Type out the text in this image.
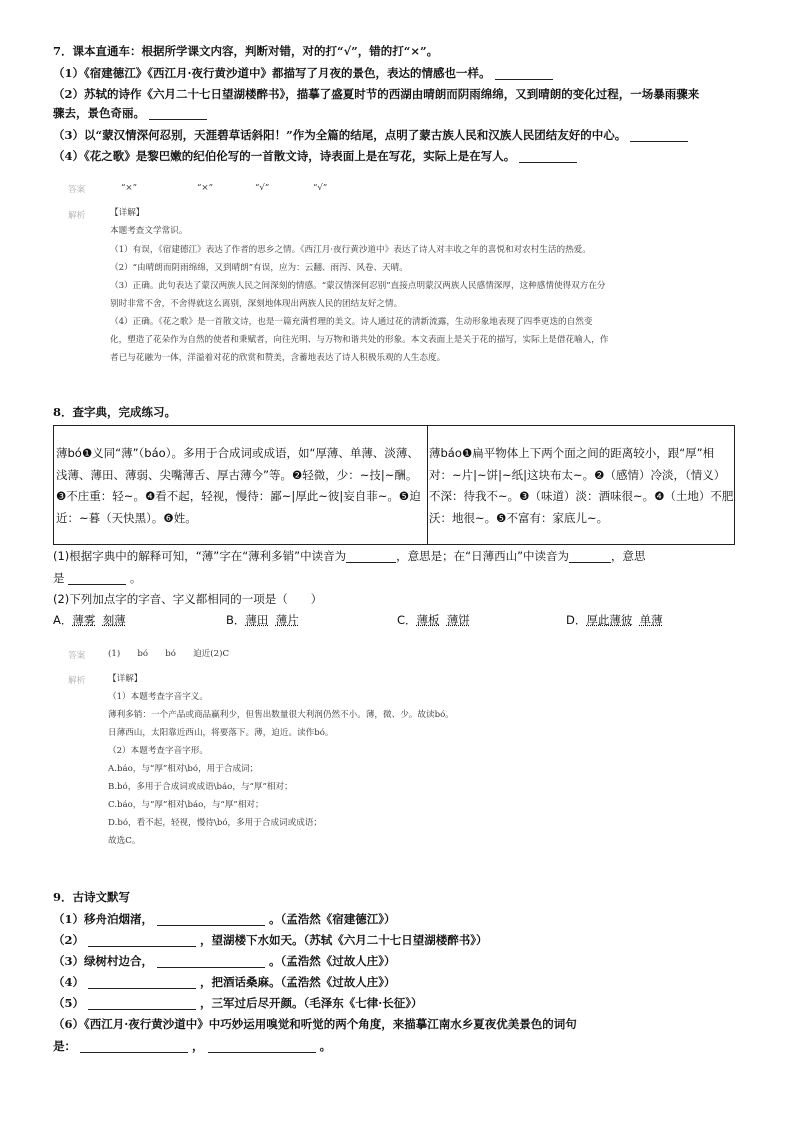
7．课本直通车：根据所学课文内容，判断对错，对的打“√”，错的打“×”。
（1）《宿建德江》《西江月·夜行黄沙道中》都描写了月夜的景色，表达的情感也一样。
（2）苏轼的诗作《六月二十七日望湖楼醉书》，描摹了盛夏时节的西湖由晴朗而阴雨绵绵，又到晴朗的变化过程，一场暴雨骤来
骤去，景色奇丽。
（3）以“蒙汉情深何忍别，天涯碧草话斜阳！”作为全篇的结尾，点明了蒙古族人民和汉族人民团结友好的中心。
（4）《花之歌》是黎巴嫩的纪伯伦写的一首散文诗，诗表面上是在写花，实际上是在写人。
答案	“×”	“×”	“√”	“√”
解析	【详解】
本题考查文学常识。
（1）有误，《宿建德江》表达了作者的思乡之情。《西江月·夜行黄沙道中》表达了诗人对丰收之年的喜悦和对农村生活的热爱。
（2）“由晴朗而阴雨绵绵，又到晴朗”有误，应为：云翻、雨泻、风卷、天晴。
（3）正确。此句表达了蒙汉两族人民之间深刻的情感。“蒙汉情深何忍别”直接点明蒙汉两族人民感情深厚，这种感情使得双方在分
别时非常不舍，不舍得就这么离别，深刻地体现出两族人民的团结友好之情。
（4）正确。《花之歌》是一首散文诗，也是一篇充满哲理的美文。诗人通过花的清新流露，生动形象地表现了四季更迭的自然变
化，塑造了花朵作为自然的使者和秉赋者，向往光明、与万物和谐共处的形象。本文表面上是关于花的描写，实际上是借花喻人，作
者已与花融为一体，洋溢着对花的欣赏和赞美，含蓄地表达了诗人积极乐观的人生态度。
8．查字典，完成练习。
薄bó❶义同“薄”（báo）。多用于合成词或成语，如“厚薄、单薄、淡薄、浅薄、薄田、薄弱、尖嘴薄舌、厚古薄今”等。❷轻微，少：~技|~酬。❸不庄重：轻~。❹看不起，轻视，慢待：鄙~|厚此~彼|妄自菲~。❺迫近：~暮（天快黑）。❻姓。
薄báo❶扁平物体上下两个面之间的距离较小，跟“厚”相对：~片|~饼|~纸|这块布太~。❷（感情）冷淡，（情义）不深：待我不~。❸（味道）淡：酒味很~。❹（土地）不肥沃：地很~。❺不富有：家底儿~。
(1)根据字典中的解释可知，“薄”字在“薄利多销”中读音为	，意思是；在“日薄西山”中读音为	，意思
是	。
(2)下列加点字的字音、字义都相同的一项是（　　）
A．薄雾 刻薄	B．薄田 薄片	C．薄板 薄饼	D．厚此薄彼 单薄
答案	(1)　　bó　　bó　　迫近(2)C
解析	【详解】
（1）本题考查字音字义。
薄利多销：一个产品或商品赢利少，但售出数量很大利润仍然不小。薄，微、少。故读bó。
日薄西山，太阳靠近西山，将要落下。薄，迫近。读作bó。
（2）本题考查字音字形。
A.báo，与“厚”相对\bó，用于合成词；
B.bó，多用于合成词或成语\báo，与“厚”相对；
C.báo，与“厚”相对\báo，与“厚”相对；
D.bó，看不起，轻视，慢待\bó，多用于合成词或成语；
故选C。
9．古诗文默写
（1）移舟泊烟渚，	。（孟浩然《宿建德江》）
（2）	，望湖楼下水如天。（苏轼《六月二十七日望湖楼醉书》）
（3）绿树村边合，	。（孟浩然《过故人庄》）
（4）	，把酒话桑麻。（孟浩然《过故人庄》）
（5）	，三军过后尽开颜。（毛泽东《七律·长征》）
（6）《西江月·夜行黄沙道中》中巧妙运用嗅觉和听觉的两个角度，来描摹江南水乡夏夜优美景色的词句
是：	，	。
